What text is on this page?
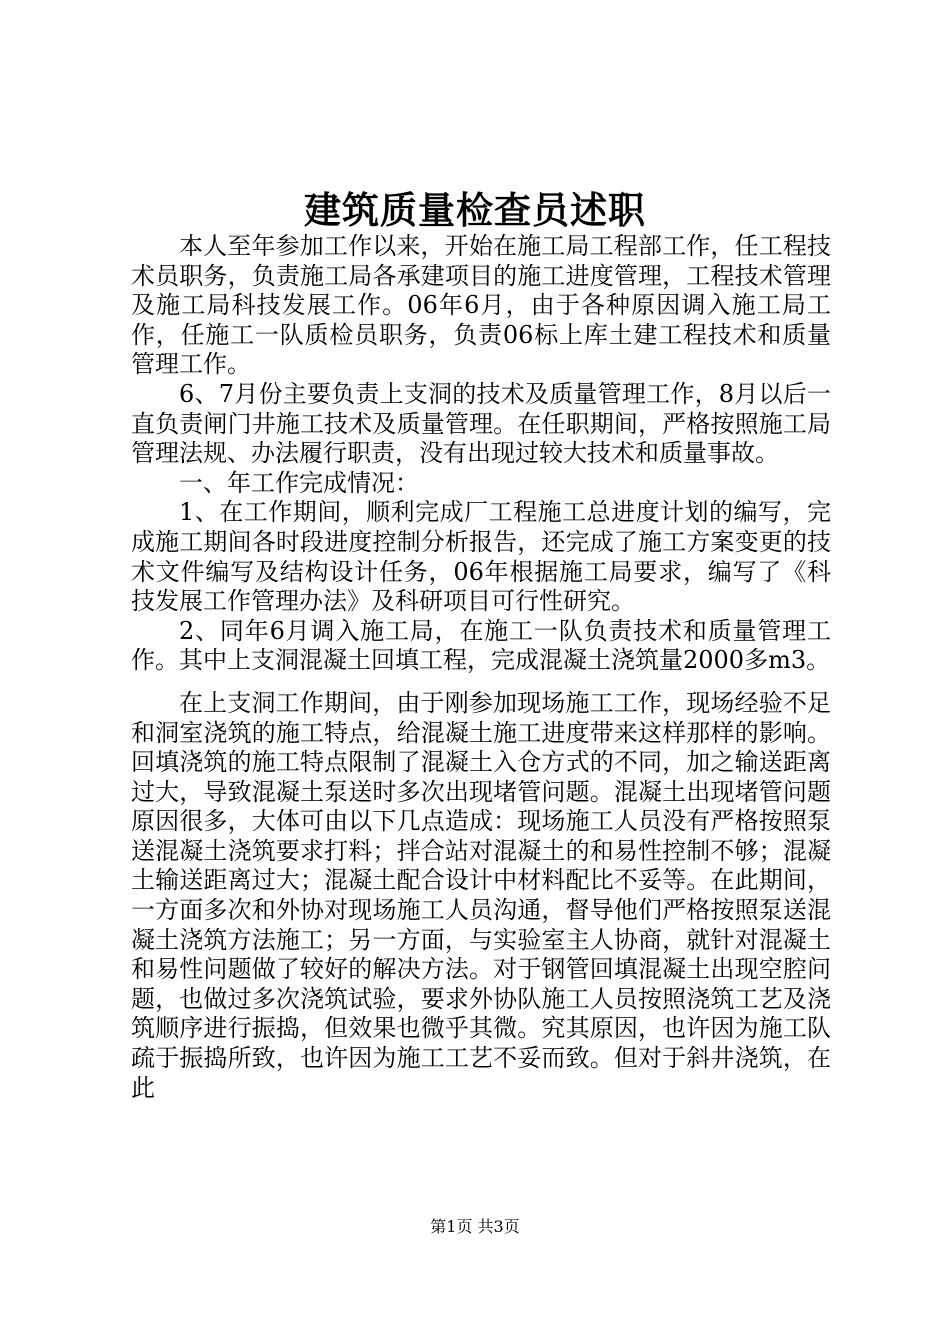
建筑质量检查员述职

本人至年参加工作以来，开始在施工局工程部工作，任工程技术员职务，负责施工局各承建项目的施工进度管理，工程技术管理及施工局科技发展工作。06年6月，由于各种原因调入施工局工作，任施工一队质检员职务，负责06标上库土建工程技术和质量管理工作。

6、7月份主要负责上支洞的技术及质量管理工作，8月以后一直负责闸门井施工技术及质量管理。在任职期间，严格按照施工局管理法规、办法履行职责，没有出现过较大技术和质量事故。

一、年工作完成情况：

1、在工作期间，顺利完成厂工程施工总进度计划的编写，完成施工期间各时段进度控制分析报告，还完成了施工方案变更的技术文件编写及结构设计任务，06年根据施工局要求，编写了《科技发展工作管理办法》及科研项目可行性研究。

2、同年6月调入施工局，在施工一队负责技术和质量管理工作。其中上支洞混凝土回填工程，完成混凝土浇筑量2000多m3。

在上支洞工作期间，由于刚参加现场施工工作，现场经验不足和洞室浇筑的施工特点，给混凝土施工进度带来这样那样的影响。回填浇筑的施工特点限制了混凝土入仓方式的不同，加之输送距离过大，导致混凝土泵送时多次出现堵管问题。混凝土出现堵管问题原因很多，大体可由以下几点造成：现场施工人员没有严格按照泵送混凝土浇筑要求打料；拌合站对混凝土的和易性控制不够；混凝土输送距离过大；混凝土配合设计中材料配比不妥等。在此期间，一方面多次和外协对现场施工人员沟通，督导他们严格按照泵送混凝土浇筑方法施工；另一方面，与实验室主人协商，就针对混凝土和易性问题做了较好的解决方法。对于钢管回填混凝土出现空腔问题，也做过多次浇筑试验，要求外协队施工人员按照浇筑工艺及浇筑顺序进行振捣，但效果也微乎其微。究其原因，也许因为施工队疏于振捣所致，也许因为施工工艺不妥而致。但对于斜井浇筑，在此

第1页 共3页
